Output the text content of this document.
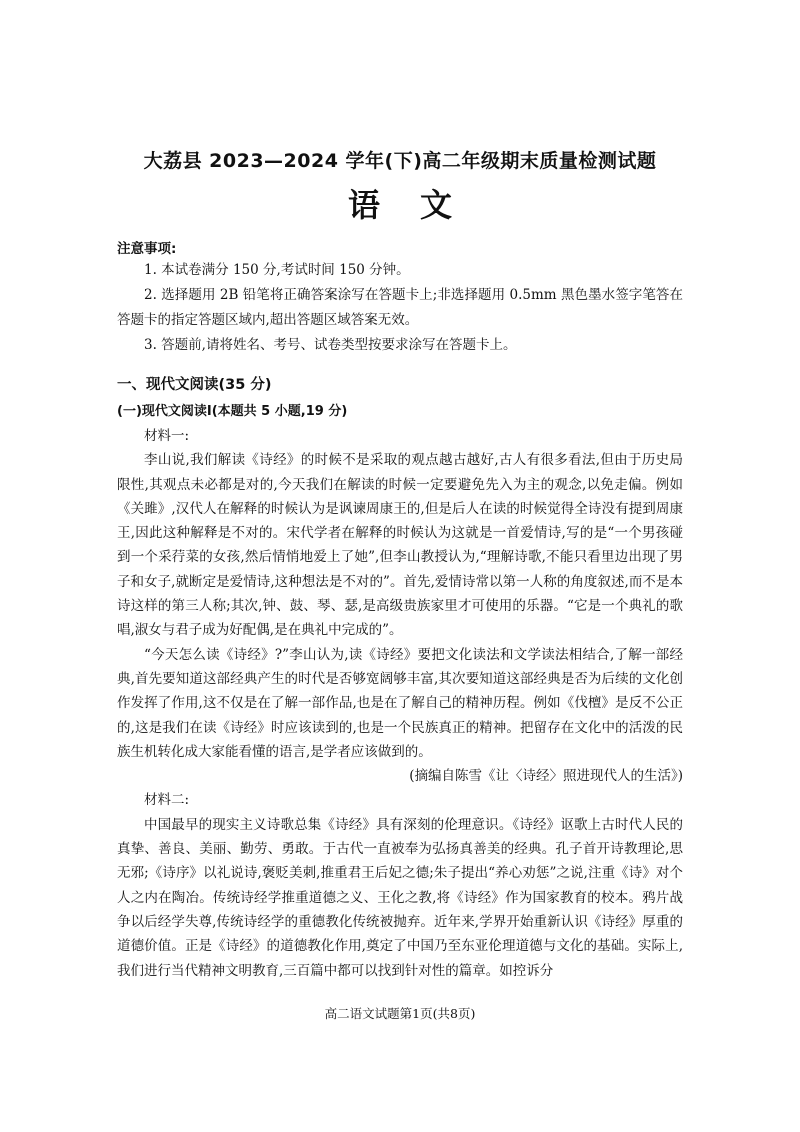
大荔县 2023—2024 学年(下)高二年级期末质量检测试题
语文
注意事项:
1. 本试卷满分 150 分,考试时间 150 分钟。
2. 选择题用 2B 铅笔将正确答案涂写在答题卡上;非选择题用 0.5mm 黑色墨水签字笔答在答题卡的指定答题区域内,超出答题区域答案无效。
3. 答题前,请将姓名、考号、试卷类型按要求涂写在答题卡上。
一、现代文阅读(35 分)
(一)现代文阅读Ⅰ(本题共 5 小题,19 分)
材料一:
李山说,我们解读《诗经》的时候不是采取的观点越古越好,古人有很多看法,但由于历史局限性,其观点未必都是对的,今天我们在解读的时候一定要避免先入为主的观念,以免走偏。例如《关雎》,汉代人在解释的时候认为是讽谏周康王的,但是后人在读的时候觉得全诗没有提到周康王,因此这种解释是不对的。宋代学者在解释的时候认为这就是一首爱情诗,写的是“一个男孩碰到一个采荇菜的女孩,然后情悄地爱上了她”,但李山教授认为,“理解诗歌,不能只看里边出现了男子和女子,就断定是爱情诗,这种想法是不对的”。首先,爱情诗常以第一人称的角度叙述,而不是本诗这样的第三人称;其次,钟、鼓、琴、瑟,是高级贵族家里才可使用的乐器。“它是一个典礼的歌唱,淑女与君子成为好配偶,是在典礼中完成的”。
“今天怎么读《诗经》?”李山认为,读《诗经》要把文化读法和文学读法相结合,了解一部经典,首先要知道这部经典产生的时代是否够宽阔够丰富,其次要知道这部经典是否为后续的文化创作发挥了作用,这不仅是在了解一部作品,也是在了解自己的精神历程。例如《伐檀》是反不公正的,这是我们在读《诗经》时应该读到的,也是一个民族真正的精神。把留存在文化中的活泼的民族生机转化成大家能看懂的语言,是学者应该做到的。
(摘编自陈雪《让〈诗经〉照进现代人的生活》)
材料二:
中国最早的现实主义诗歌总集《诗经》具有深刻的伦理意识。《诗经》讴歌上古时代人民的真挚、善良、美丽、勤劳、勇敢。于古代一直被奉为弘扬真善美的经典。孔子首开诗教理论,思无邪;《诗序》以礼说诗,褒贬美刺,推重君王后妃之德;朱子提出“养心劝惩”之说,注重《诗》对个人之内在陶冶。传统诗经学推重道德之义、王化之教,将《诗经》作为国家教育的校本。鸦片战争以后经学失尊,传统诗经学的重德教化传统被抛弃。近年来,学界开始重新认识《诗经》厚重的道德价值。正是《诗经》的道德教化作用,奠定了中国乃至东亚伦理道德与文化的基础。实际上,我们进行当代精神文明教育,三百篇中都可以找到针对性的篇章。如控诉分
高二语文试题第1页(共8页)
